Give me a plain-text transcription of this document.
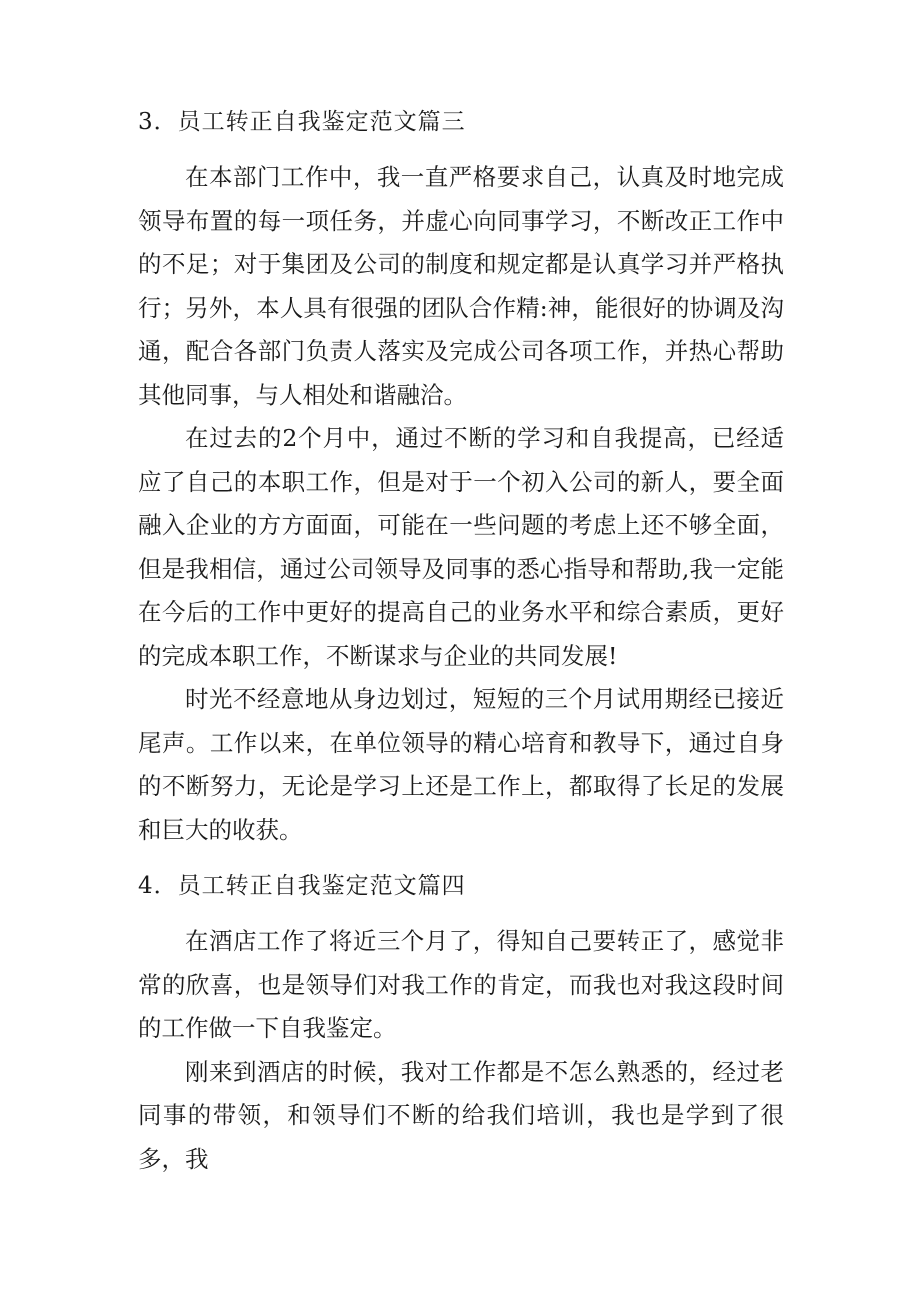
3．员工转正自我鉴定范文篇三

在本部门工作中，我一直严格要求自己，认真及时地完成领导布置的每一项任务，并虚心向同事学习，不断改正工作中的不足；对于集团及公司的制度和规定都是认真学习并严格执行；另外，本人具有很强的团队合作精:神，能很好的协调及沟通，配合各部门负责人落实及完成公司各项工作，并热心帮助其他同事，与人相处和谐融洽。

在过去的2个月中，通过不断的学习和自我提高，已经适应了自己的本职工作，但是对于一个初入公司的新人，要全面融入企业的方方面面，可能在一些问题的考虑上还不够全面，但是我相信，通过公司领导及同事的悉心指导和帮助,我一定能在今后的工作中更好的提高自己的业务水平和综合素质，更好的完成本职工作，不断谋求与企业的共同发展!

时光不经意地从身边划过，短短的三个月试用期经已接近尾声。工作以来，在单位领导的精心培育和教导下，通过自身的不断努力，无论是学习上还是工作上，都取得了长足的发展和巨大的收获。

4．员工转正自我鉴定范文篇四

在酒店工作了将近三个月了，得知自己要转正了，感觉非常的欣喜，也是领导们对我工作的肯定，而我也对我这段时间的工作做一下自我鉴定。

刚来到酒店的时候，我对工作都是不怎么熟悉的，经过老同事的带领，和领导们不断的给我们培训，我也是学到了很多，我
